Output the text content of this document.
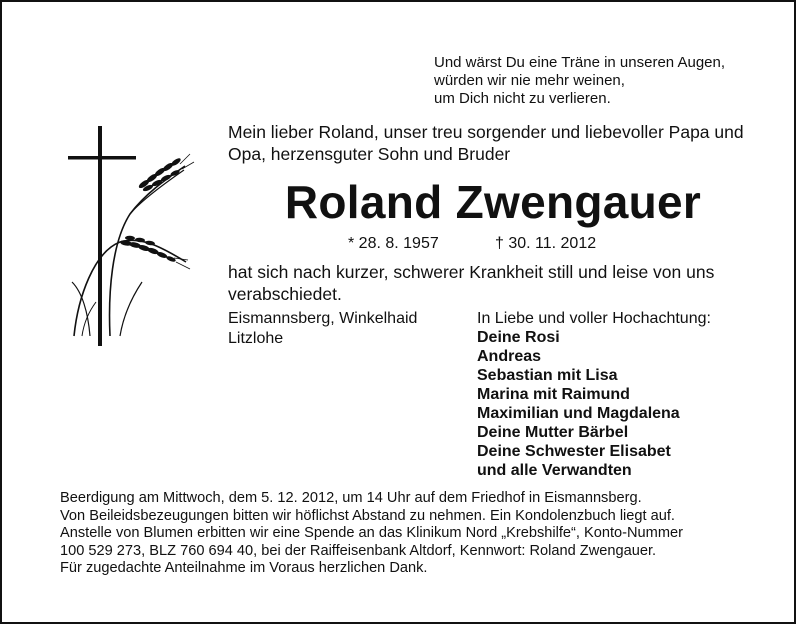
Und wärst Du eine Träne in unseren Augen,
würden wir nie mehr weinen,
um Dich nicht zu verlieren.
Mein lieber Roland, unser treu sorgender und liebevoller Papa und Opa, herzensguter Sohn und Bruder
Roland Zwengauer
* 28. 8. 1957	† 30. 11. 2012
hat sich nach kurzer, schwerer Krankheit still und leise von uns verabschiedet.
Eismannsberg, Winkelhaid
Litzlohe
In Liebe und voller Hochachtung:
Deine Rosi
Andreas
Sebastian mit Lisa
Marina mit Raimund
Maximilian und Magdalena
Deine Mutter Bärbel
Deine Schwester Elisabet
und alle Verwandten
Beerdigung am Mittwoch, dem 5. 12. 2012, um 14 Uhr auf dem Friedhof in Eismannsberg.
Von Beileidsbezeugungen bitten wir höflichst Abstand zu nehmen. Ein Kondolenzbuch liegt auf.
Anstelle von Blumen erbitten wir eine Spende an das Klinikum Nord „Krebshilfe“, Konto-Nummer
100 529 273, BLZ 760 694 40, bei der Raiffeisenbank Altdorf, Kennwort: Roland Zwengauer.
Für zugedachte Anteilnahme im Voraus herzlichen Dank.
